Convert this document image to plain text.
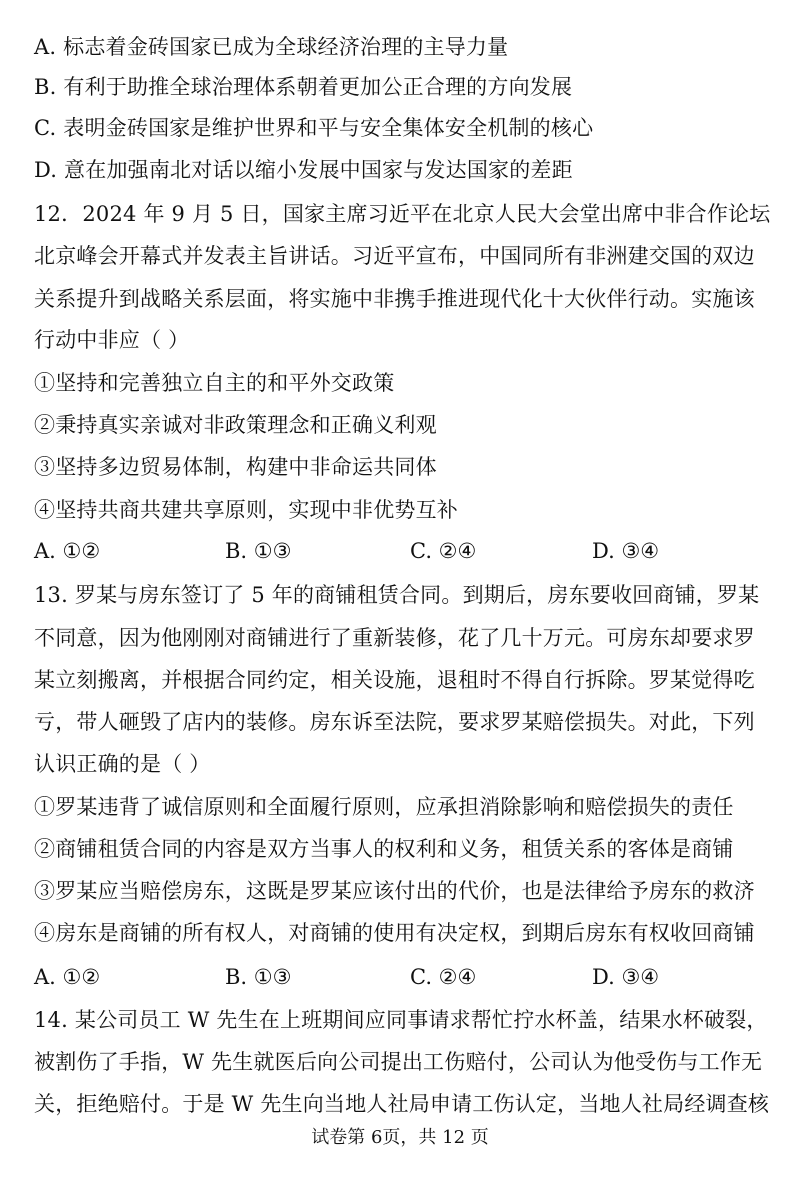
A. 标志着金砖国家已成为全球经济治理的主导力量
B. 有利于助推全球治理体系朝着更加公正合理的方向发展
C. 表明金砖国家是维护世界和平与安全集体安全机制的核心
D. 意在加强南北对话以缩小发展中国家与发达国家的差距
12．2024 年 9 月 5 日，国家主席习近平在北京人民大会堂出席中非合作论坛
北京峰会开幕式并发表主旨讲话。习近平宣布，中国同所有非洲建交国的双边
关系提升到战略关系层面，将实施中非携手推进现代化十大伙伴行动。实施该
行动中非应（ ）
①坚持和完善独立自主的和平外交政策
②秉持真实亲诚对非政策理念和正确义利观
③坚持多边贸易体制，构建中非命运共同体
④坚持共商共建共享原则，实现中非优势互补
A. ①②	B. ①③	C. ②④	D. ③④
13. 罗某与房东签订了 5 年的商铺租赁合同。到期后，房东要收回商铺，罗某
不同意，因为他刚刚对商铺进行了重新装修，花了几十万元。可房东却要求罗
某立刻搬离，并根据合同约定，相关设施，退租时不得自行拆除。罗某觉得吃
亏，带人砸毁了店内的装修。房东诉至法院，要求罗某赔偿损失。对此，下列
认识正确的是（ ）
①罗某违背了诚信原则和全面履行原则，应承担消除影响和赔偿损失的责任
②商铺租赁合同的内容是双方当事人的权利和义务，租赁关系的客体是商铺
③罗某应当赔偿房东，这既是罗某应该付出的代价，也是法律给予房东的救济
④房东是商铺的所有权人，对商铺的使用有决定权，到期后房东有权收回商铺
A. ①②	B. ①③	C. ②④	D. ③④
14. 某公司员工 W 先生在上班期间应同事请求帮忙拧水杯盖，结果水杯破裂，
被割伤了手指，W 先生就医后向公司提出工伤赔付，公司认为他受伤与工作无
关，拒绝赔付。于是 W 先生向当地人社局申请工伤认定，当地人社局经调查核
试卷第 6页，共 12 页
